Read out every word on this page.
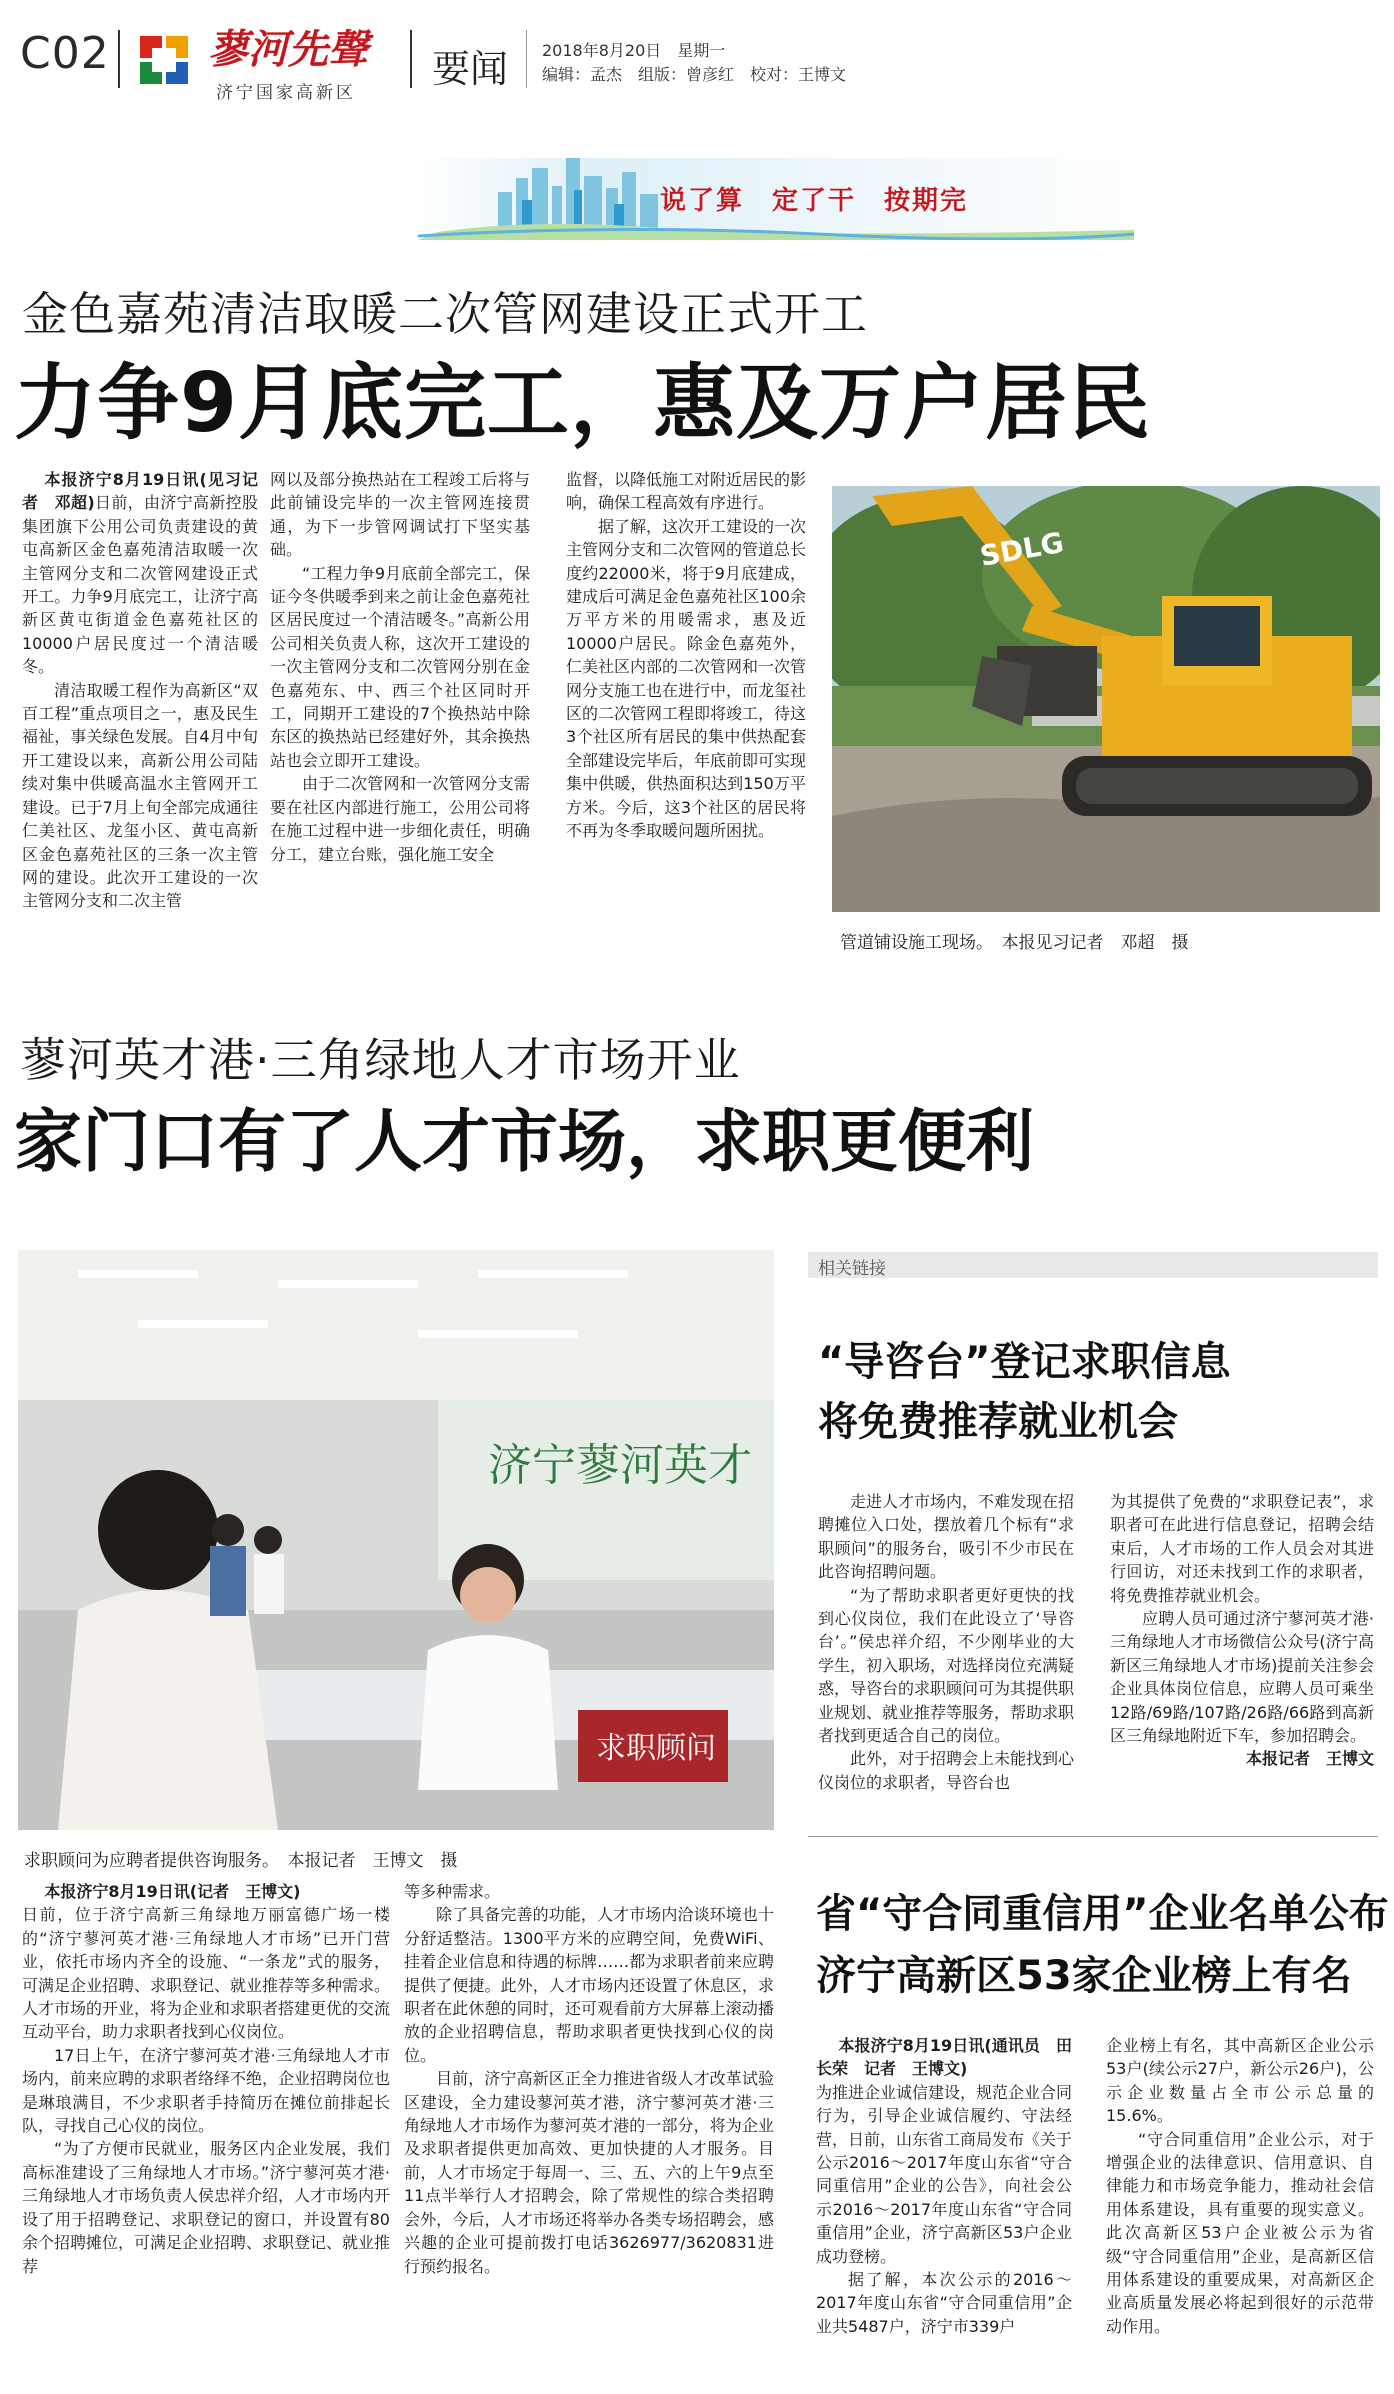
C02 蓼河先聲
济宁国家高新区
要闻 2018年8月20日　星期一
编辑：孟杰　组版：曾彦红　校对：王博文
说了算　定了干　按期完
金色嘉苑清洁取暖二次管网建设正式开工
力争9月底完工，惠及万户居民

本报济宁8月19日讯(见习记者　邓超)日前，由济宁高新控股集团旗下公用公司负责建设的黄屯高新区金色嘉苑清洁取暖一次主管网分支和二次管网建设正式开工。力争9月底完工，让济宁高新区黄屯街道金色嘉苑社区的10000户居民度过一个清洁暖冬。

清洁取暖工程作为高新区“双百工程”重点项目之一，惠及民生福祉，事关绿色发展。自4月中旬开工建设以来，高新公用公司陆续对集中供暖高温水主管网开工建设。已于7月上旬全部完成通往仁美社区、龙玺小区、黄屯高新区金色嘉苑社区的三条一次主管网的建设。此次开工建设的一次主管网分支和二次主管

网以及部分换热站在工程竣工后将与此前铺设完毕的一次主管网连接贯通，为下一步管网调试打下坚实基础。

“工程力争9月底前全部完工，保证今冬供暖季到来之前让金色嘉苑社区居民度过一个清洁暖冬。”高新公用公司相关负责人称，这次开工建设的一次主管网分支和二次管网分别在金色嘉苑东、中、西三个社区同时开工，同期开工建设的7个换热站中除东区的换热站已经建好外，其余换热站也会立即开工建设。

由于二次管网和一次管网分支需要在社区内部进行施工，公用公司将在施工过程中进一步细化责任，明确分工，建立台账，强化施工安全

监督，以降低施工对附近居民的影响，确保工程高效有序进行。

据了解，这次开工建设的一次主管网分支和二次管网的管道总长度约22000米，将于9月底建成，建成后可满足金色嘉苑社区100余万平方米的用暖需求，惠及近10000户居民。除金色嘉苑外，仁美社区内部的二次管网和一次管网分支施工也在进行中，而龙玺社区的二次管网工程即将竣工，待这3个社区所有居民的集中供热配套全部建设完毕后，年底前即可实现集中供暖，供热面积达到150万平方米。今后，这3个社区的居民将不再为冬季取暖问题所困扰。

SDLG
管道铺设施工现场。　本报见习记者　邓超　摄
蓼河英才港·三角绿地人才市场开业
家门口有了人才市场，求职更便利
济宁蓼河英才
求职顾问
求职顾问为应聘者提供咨询服务。　本报记者　王博文　摄

本报济宁8月19日讯(记者　王博文)

日前，位于济宁高新三角绿地万丽富德广场一楼的“济宁蓼河英才港·三角绿地人才市场”已开门营业，依托市场内齐全的设施、“一条龙”式的服务，可满足企业招聘、求职登记、就业推荐等多种需求。人才市场的开业，将为企业和求职者搭建更优的交流互动平台，助力求职者找到心仪岗位。

17日上午，在济宁蓼河英才港·三角绿地人才市场内，前来应聘的求职者络绎不绝，企业招聘岗位也是琳琅满目，不少求职者手持简历在摊位前排起长队，寻找自己心仪的岗位。

“为了方便市民就业，服务区内企业发展，我们高标准建设了三角绿地人才市场。”济宁蓼河英才港·三角绿地人才市场负责人侯忠祥介绍，人才市场内开设了用于招聘登记、求职登记的窗口，并设置有80余个招聘摊位，可满足企业招聘、求职登记、就业推荐

等多种需求。

除了具备完善的功能，人才市场内洽谈环境也十分舒适整洁。1300平方米的应聘空间，免费WiFi、挂着企业信息和待遇的标牌……都为求职者前来应聘提供了便捷。此外，人才市场内还设置了休息区，求职者在此休憩的同时，还可观看前方大屏幕上滚动播放的企业招聘信息，帮助求职者更快找到心仪的岗位。

目前，济宁高新区正全力推进省级人才改革试验区建设，全力建设蓼河英才港，济宁蓼河英才港·三角绿地人才市场作为蓼河英才港的一部分，将为企业及求职者提供更加高效、更加快捷的人才服务。目前，人才市场定于每周一、三、五、六的上午9点至11点半举行人才招聘会，除了常规性的综合类招聘会外，今后，人才市场还将举办各类专场招聘会，感兴趣的企业可提前拨打电话3626977/3620831进行预约报名。

相关链接
“导咨台”登记求职信息
将免费推荐就业机会

走进人才市场内，不难发现在招聘摊位入口处，摆放着几个标有“求职顾问”的服务台，吸引不少市民在此咨询招聘问题。

“为了帮助求职者更好更快的找到心仪岗位，我们在此设立了‘导咨台’。”侯忠祥介绍，不少刚毕业的大学生，初入职场，对选择岗位充满疑惑，导咨台的求职顾问可为其提供职业规划、就业推荐等服务，帮助求职者找到更适合自己的岗位。

此外，对于招聘会上未能找到心仪岗位的求职者，导咨台也

为其提供了免费的“求职登记表”，求职者可在此进行信息登记，招聘会结束后，人才市场的工作人员会对其进行回访，对还未找到工作的求职者，将免费推荐就业机会。

应聘人员可通过济宁蓼河英才港·三角绿地人才市场微信公众号(济宁高新区三角绿地人才市场)提前关注参会企业具体岗位信息，应聘人员可乘坐12路/69路/107路/26路/66路到高新区三角绿地附近下车，参加招聘会。

本报记者　王博文

省“守合同重信用”企业名单公布
济宁高新区53家企业榜上有名

本报济宁8月19日讯(通讯员　田长荣　记者　王博文)

为推进企业诚信建设，规范企业合同行为，引导企业诚信履约、守法经营，日前，山东省工商局发布《关于公示2016～2017年度山东省“守合同重信用”企业的公告》，向社会公示2016～2017年度山东省“守合同重信用”企业，济宁高新区53户企业成功登榜。

据了解，本次公示的2016～2017年度山东省“守合同重信用”企业共5487户，济宁市339户

企业榜上有名，其中高新区企业公示53户(续公示27户，新公示26户)，公示企业数量占全市公示总量的15.6%。

“守合同重信用”企业公示，对于增强企业的法律意识、信用意识、自律能力和市场竞争能力，推动社会信用体系建设，具有重要的现实意义。此次高新区53户企业被公示为省级“守合同重信用”企业，是高新区信用体系建设的重要成果，对高新区企业高质量发展必将起到很好的示范带动作用。
